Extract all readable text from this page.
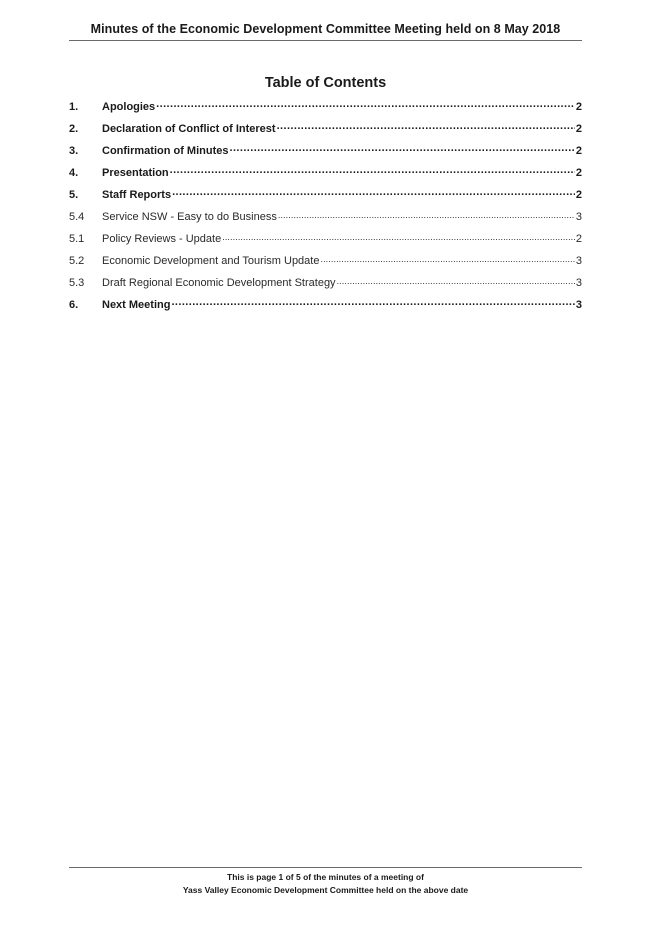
Minutes of the Economic Development Committee Meeting held on 8 May 2018
Table of Contents
1.	Apologies .....	2
2.	Declaration of Conflict of Interest .....	2
3.	Confirmation of Minutes .....	2
4.	Presentation .....	2
5.	Staff Reports .....	2
5.4	Service NSW - Easy to do Business .....	3
5.1	Policy Reviews - Update .....	2
5.2	Economic Development and Tourism Update .....	3
5.3	Draft Regional Economic Development Strategy .....	3
6.	Next Meeting .....	3
This is page 1 of 5 of the minutes of a meeting of
Yass Valley Economic Development Committee held on the above date
